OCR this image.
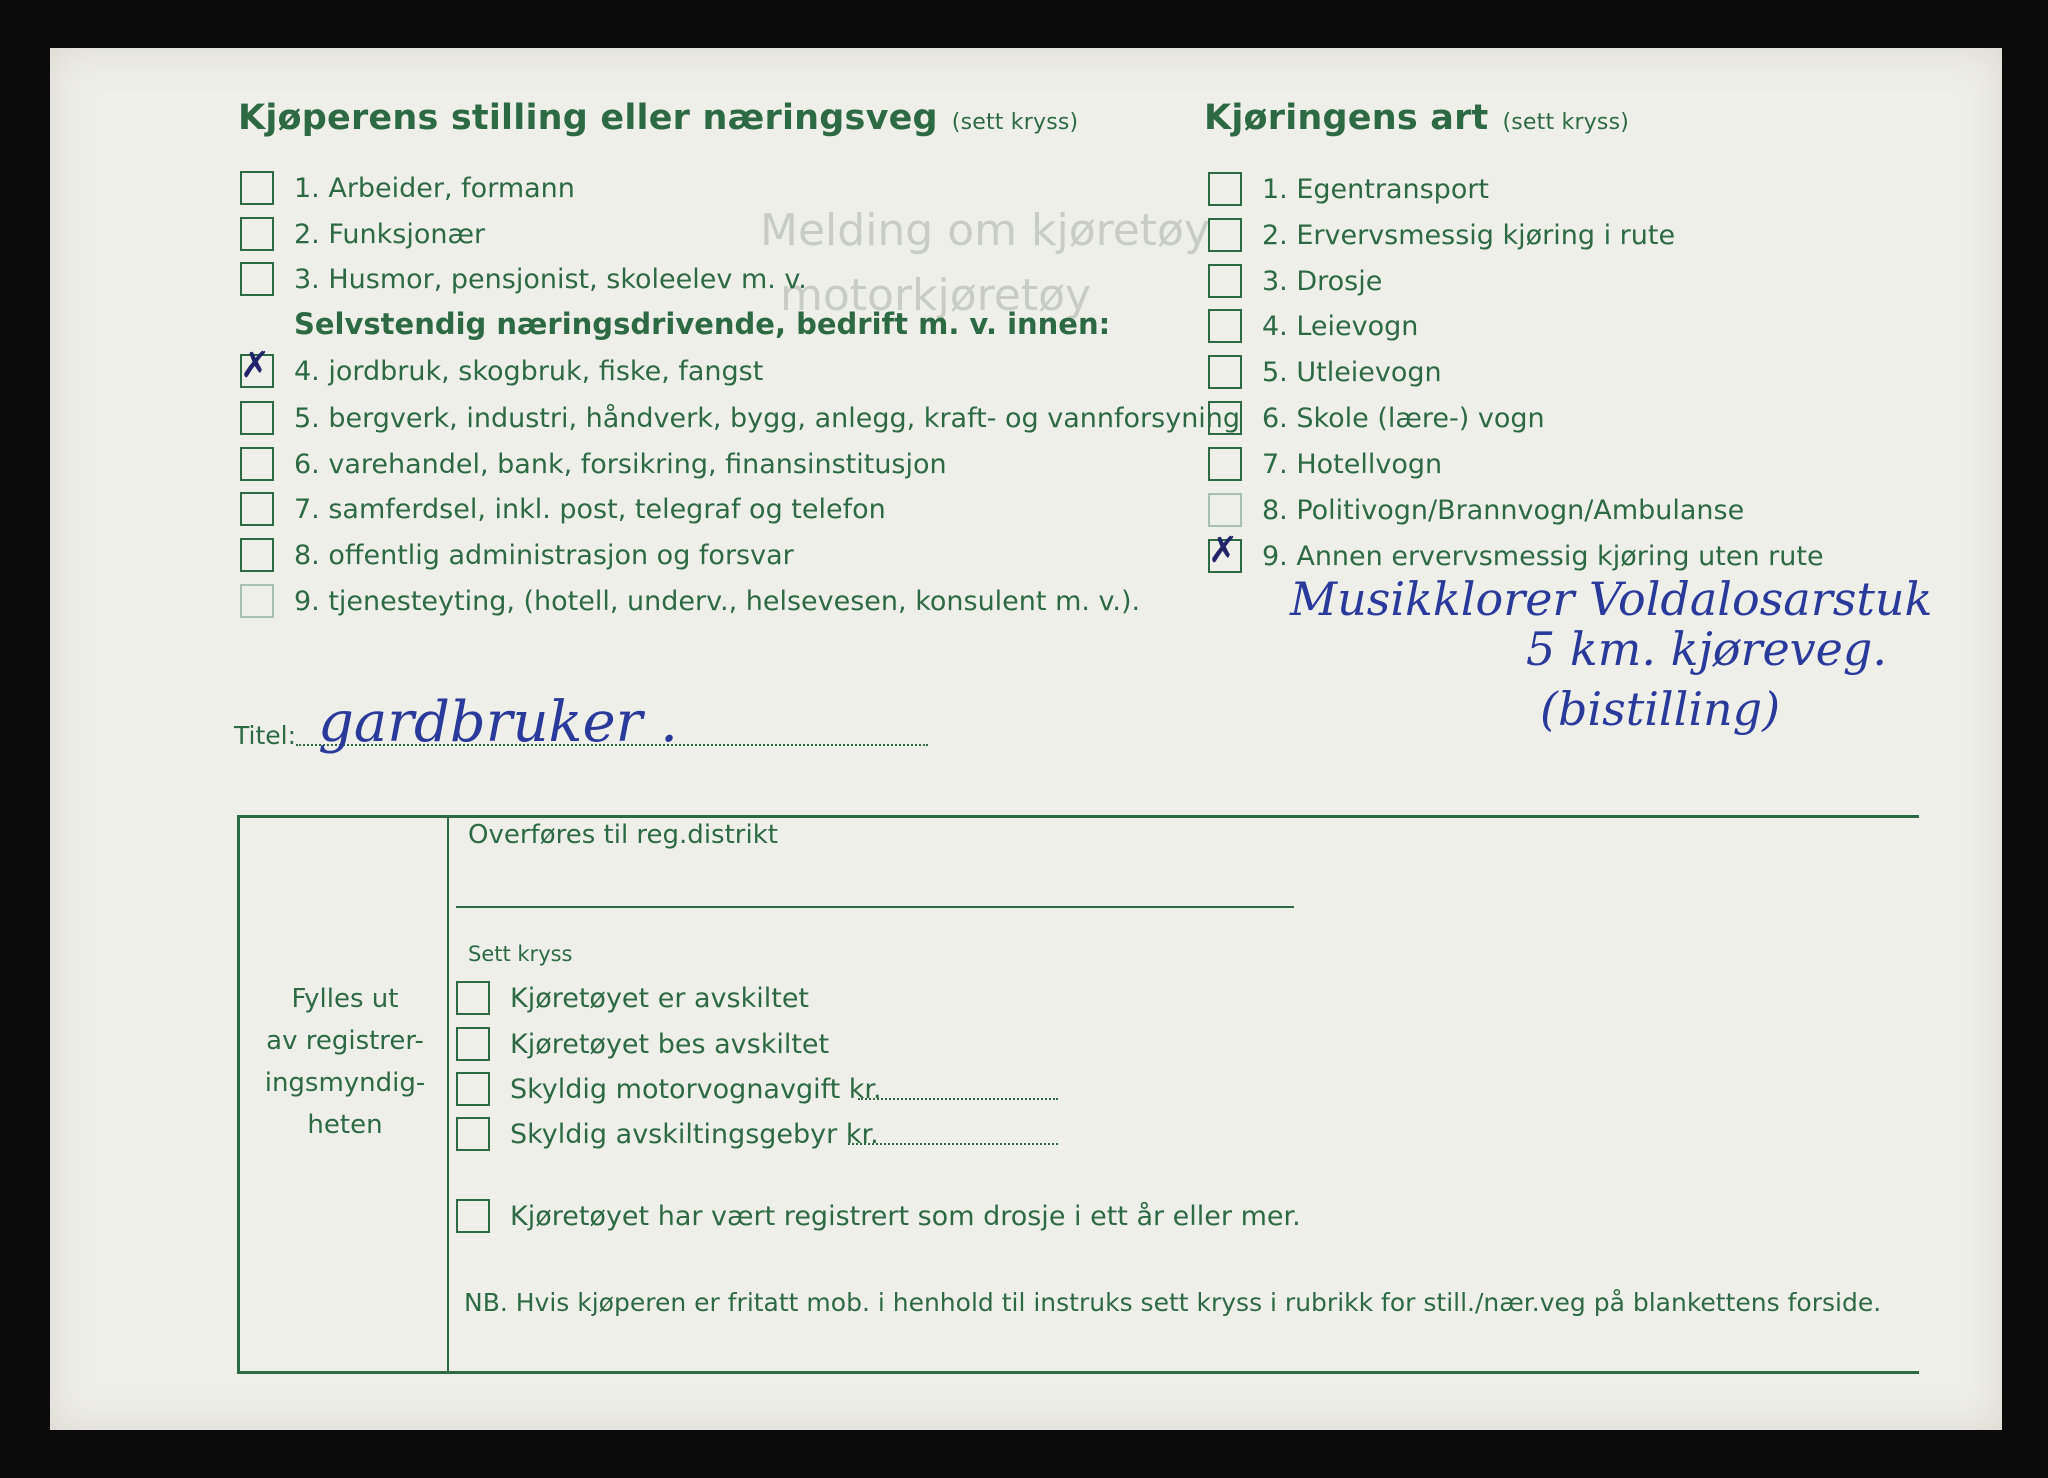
Melding om kjøretøy
motorkjøretøy
Kjøperens stilling eller næringsveg (sett kryss)
1. Arbeider, formann
2. Funksjonær
3. Husmor, pensjonist, skoleelev m. v.
Selvstendig næringsdrivende, bedrift m. v. innen:
✗ 4. jordbruk, skogbruk, fiske, fangst
5. bergverk, industri, håndverk, bygg, anlegg, kraft- og vannforsyning
6. varehandel, bank, forsikring, finansinstitusjon
7. samferdsel, inkl. post, telegraf og telefon
8. offentlig administrasjon og forsvar
9. tjenesteyting, (hotell, underv., helsevesen, konsulent m. v.).
Titel: gardbruker .
Kjøringens art (sett kryss)
1. Egentransport
2. Ervervsmessig kjøring i rute
3. Drosje
4. Leievogn
5. Utleievogn
6. Skole (lære-) vogn
7. Hotellvogn
8. Politivogn/Brannvogn/Ambulanse
✗ 9. Annen ervervsmessig kjøring uten rute
Musikklorer Voldalosarstuk
5 km. kjøreveg.
(bistilling)
Fylles ut
av registrer-
ingsmyndig-
heten
Overføres til reg.distrikt
Sett kryss
Kjøretøyet er avskiltet
Kjøretøyet bes avskiltet
Skyldig motorvognavgift kr.
Skyldig avskiltingsgebyr kr.
Kjøretøyet har vært registrert som drosje i ett år eller mer.
NB. Hvis kjøperen er fritatt mob. i henhold til instruks sett kryss i rubrikk for still./nær.veg på blankettens forside.
